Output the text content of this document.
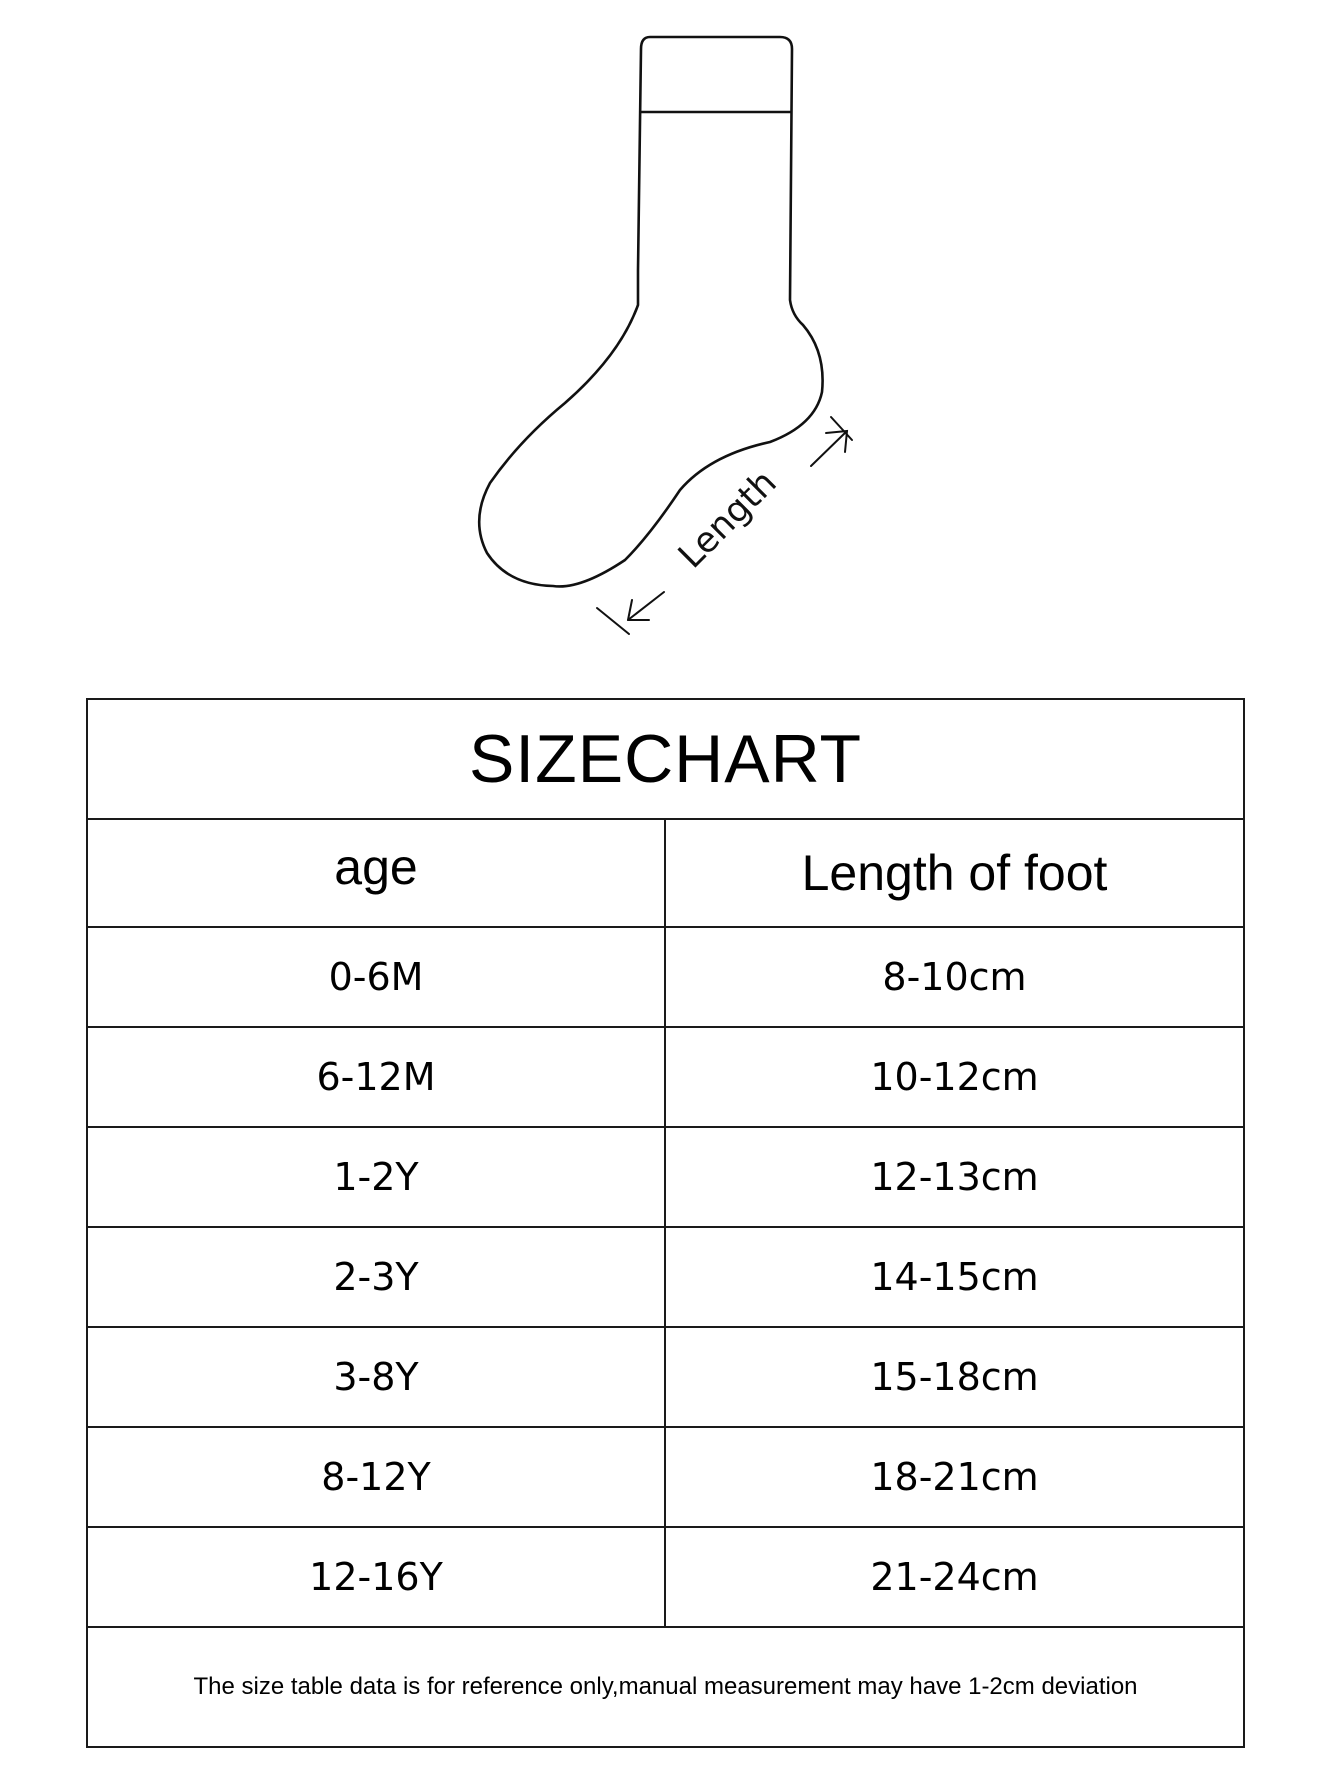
Length
SIZECHART	
age	Length of foot
0-6M	8-10cm
6-12M	10-12cm
1-2Y	12-13cm
2-3Y	14-15cm
3-8Y	15-18cm
8-12Y	18-21cm
12-16Y	21-24cm
The size table data is for reference only,manual measurement may have 1-2cm deviation	
